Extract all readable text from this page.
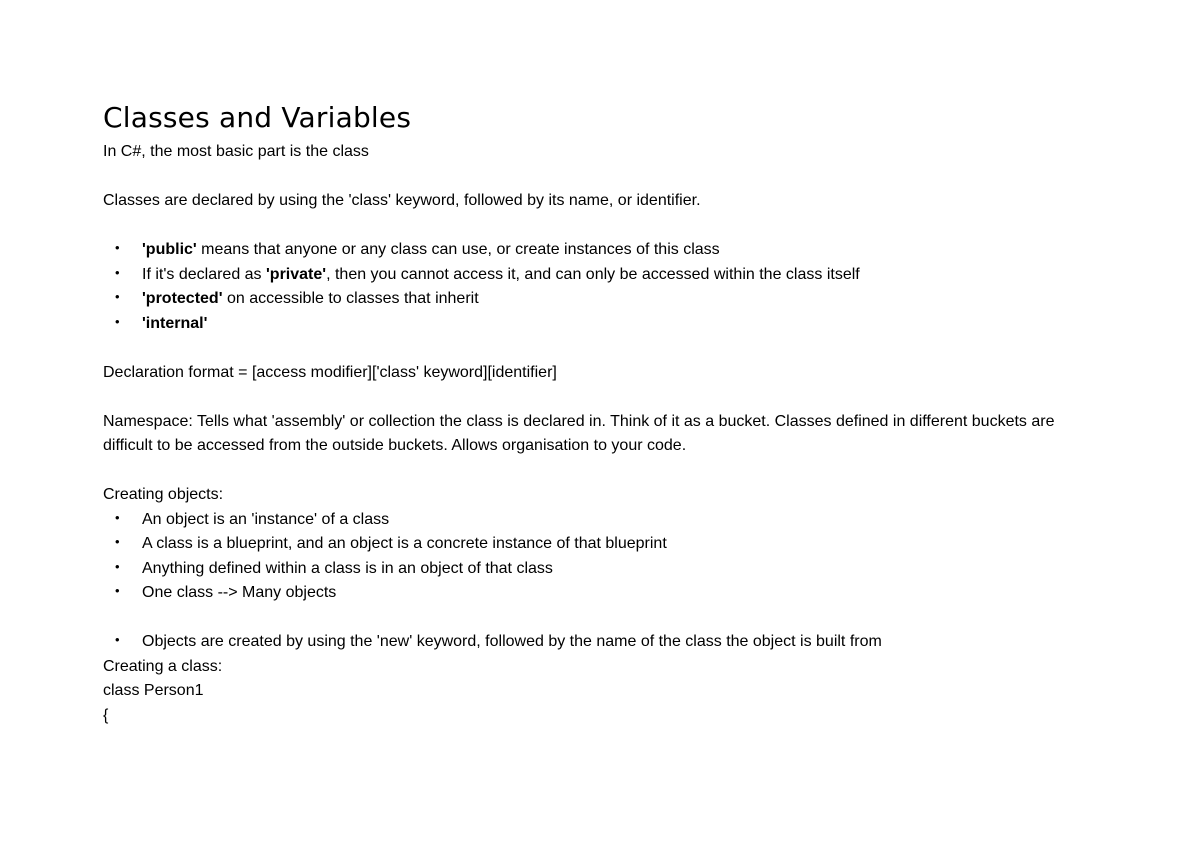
Classes and Variables
In C#, the most basic part is the class
Classes are declared by using the 'class' keyword, followed by its name, or identifier.
• 'public' means that anyone or any class can use, or create instances of this class
• If it's declared as 'private', then you cannot access it, and can only be accessed within the class itself
• 'protected' on accessible to classes that inherit
• 'internal'
Declaration format = [access modifier]['class' keyword][identifier]
Namespace: Tells what 'assembly' or collection the class is declared in. Think of it as a bucket. Classes defined in different buckets are difficult to be accessed from the outside buckets. Allows organisation to your code.
Creating objects:
• An object is an 'instance' of a class
• A class is a blueprint, and an object is a concrete instance of that blueprint
• Anything defined within a class is in an object of that class
• One class --> Many objects
• Objects are created by using the 'new' keyword, followed by the name of the class the object is built from
Creating a class:
class Person1
{
